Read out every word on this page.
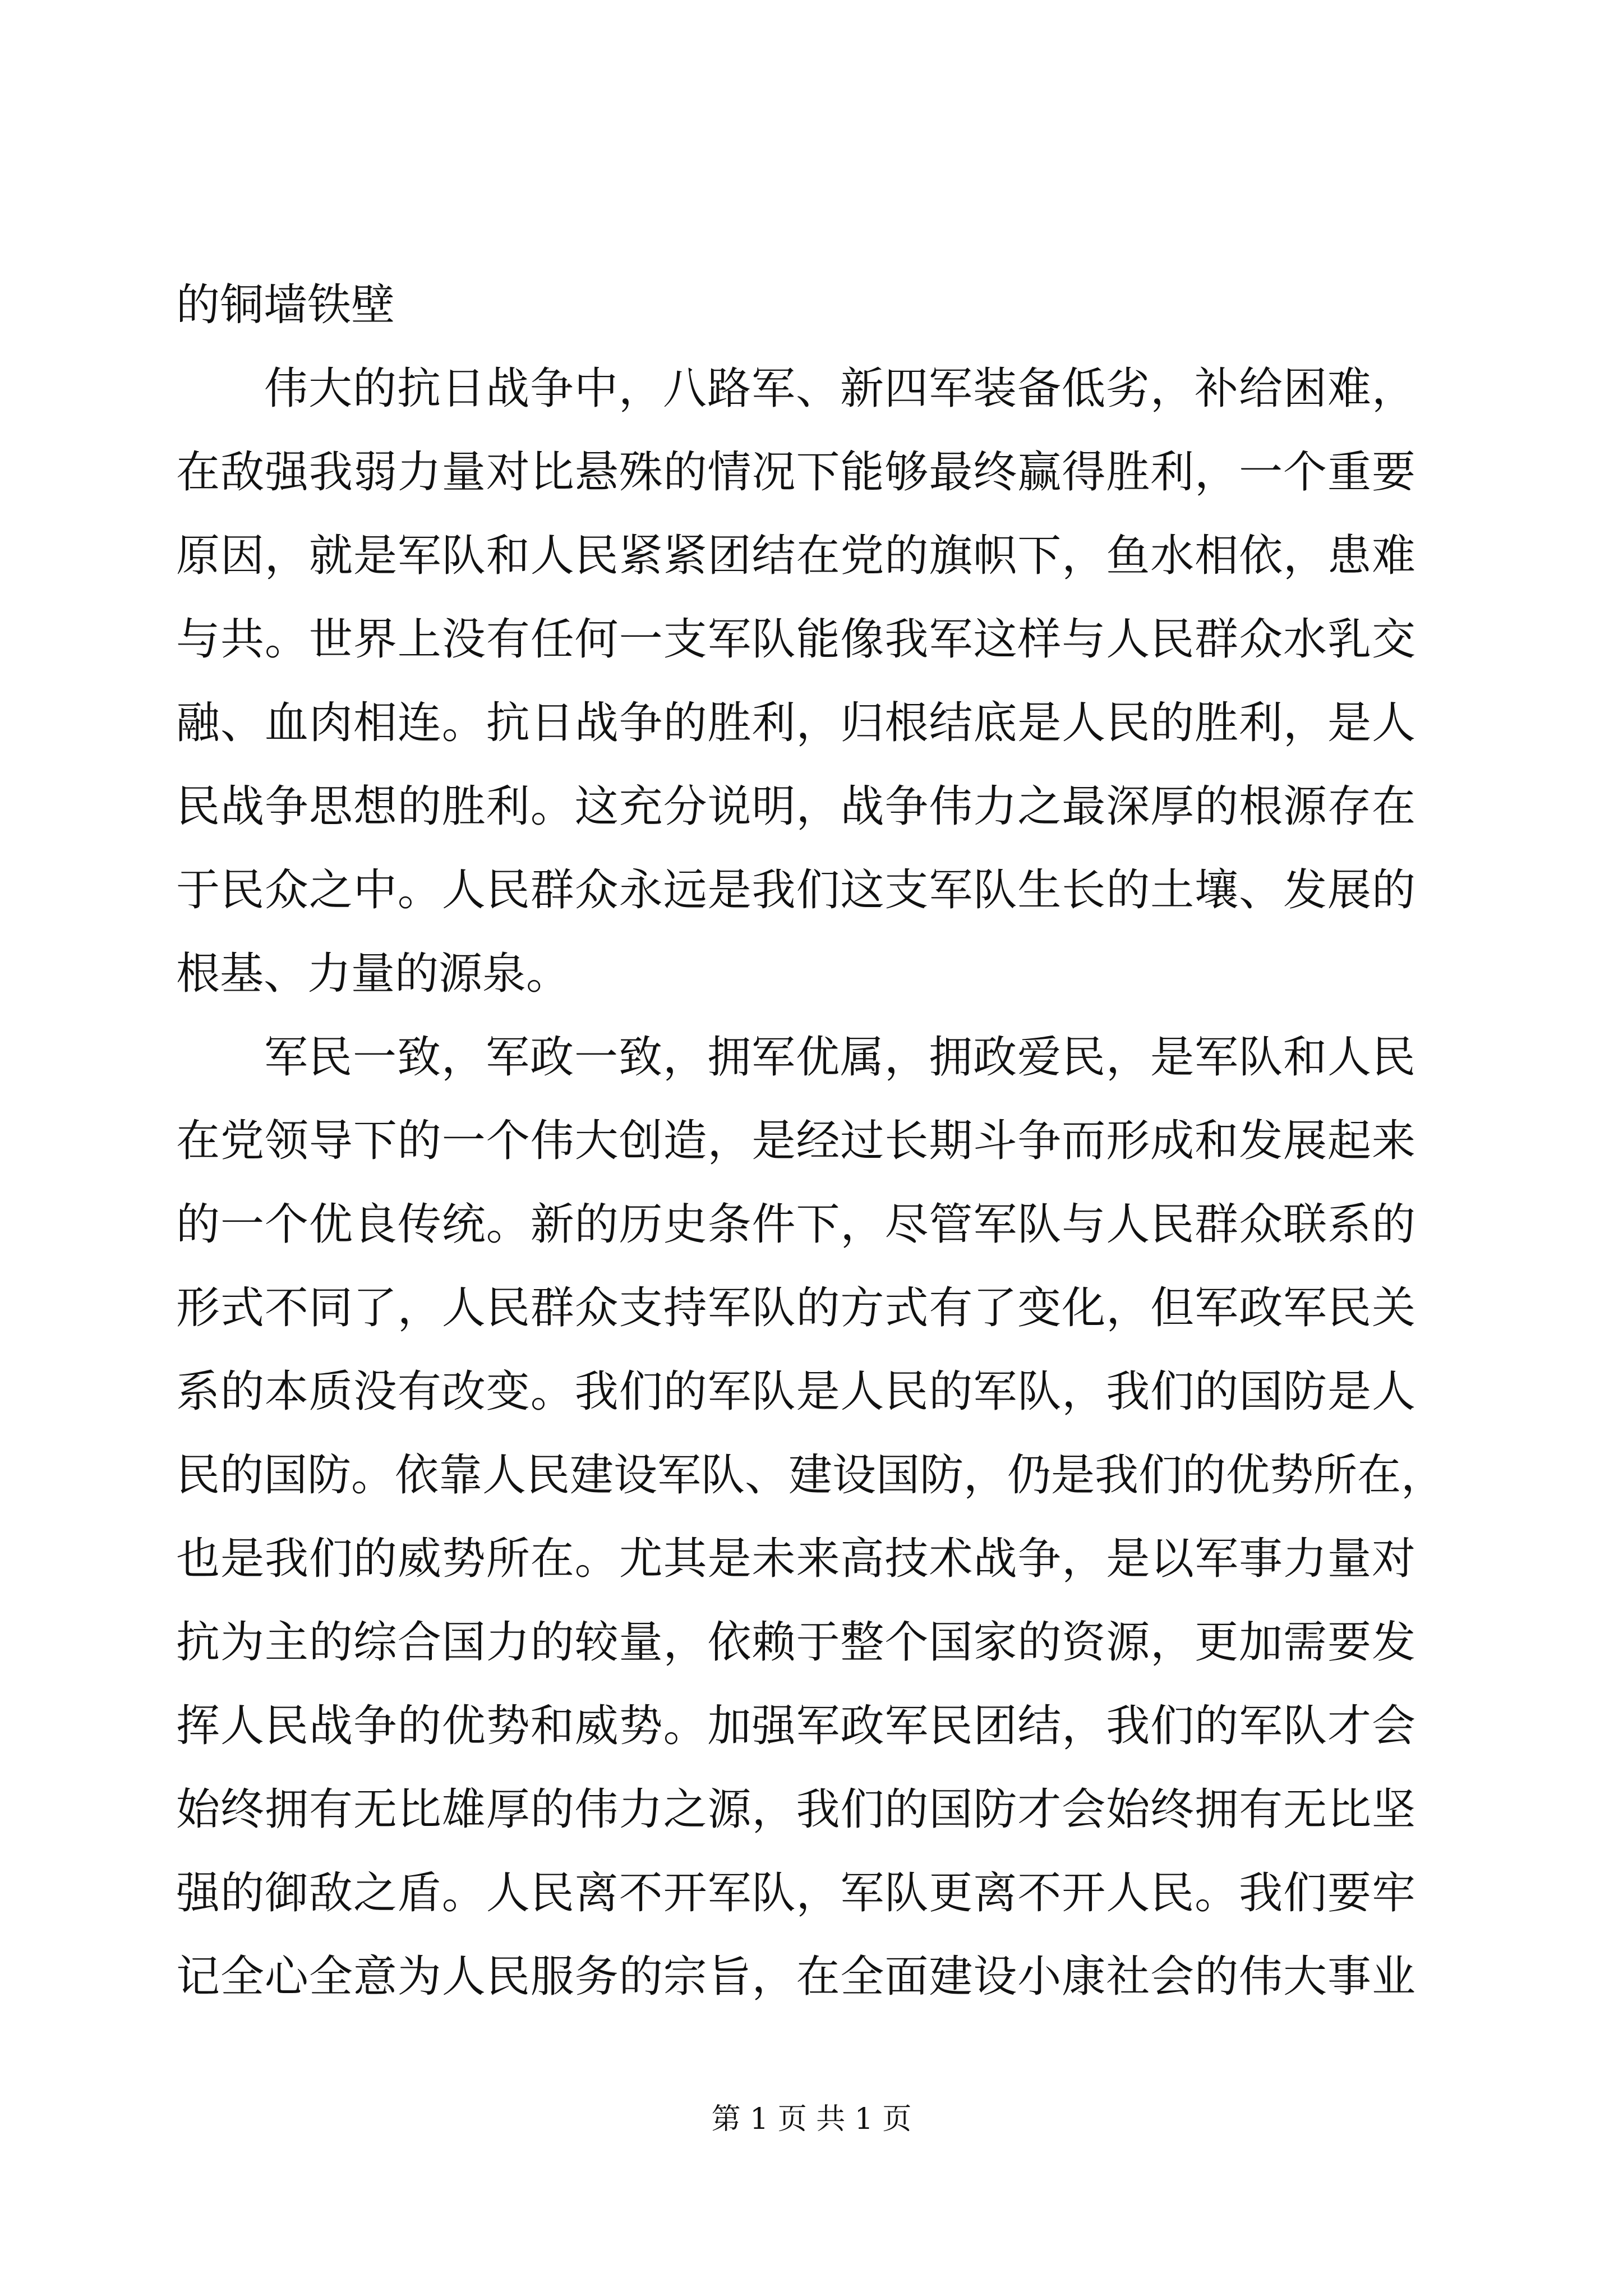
的铜墙铁壁
伟大的抗日战争中，八路军、新四军装备低劣，补给困难，
在敌强我弱力量对比悬殊的情况下能够最终赢得胜利，一个重要
原因，就是军队和人民紧紧团结在党的旗帜下，鱼水相依，患难
与共。世界上没有任何一支军队能像我军这样与人民群众水乳交
融、血肉相连。抗日战争的胜利，归根结底是人民的胜利，是人
民战争思想的胜利。这充分说明，战争伟力之最深厚的根源存在
于民众之中。人民群众永远是我们这支军队生长的土壤、发展的
根基、力量的源泉。
军民一致，军政一致，拥军优属，拥政爱民，是军队和人民
在党领导下的一个伟大创造，是经过长期斗争而形成和发展起来
的一个优良传统。新的历史条件下，尽管军队与人民群众联系的
形式不同了，人民群众支持军队的方式有了变化，但军政军民关
系的本质没有改变。我们的军队是人民的军队，我们的国防是人
民的国防。依靠人民建设军队、建设国防，仍是我们的优势所在，
也是我们的威势所在。尤其是未来高技术战争，是以军事力量对
抗为主的综合国力的较量，依赖于整个国家的资源，更加需要发
挥人民战争的优势和威势。加强军政军民团结，我们的军队才会
始终拥有无比雄厚的伟力之源，我们的国防才会始终拥有无比坚
强的御敌之盾。人民离不开军队，军队更离不开人民。我们要牢
记全心全意为人民服务的宗旨，在全面建设小康社会的伟大事业
第 1 页 共 1 页
